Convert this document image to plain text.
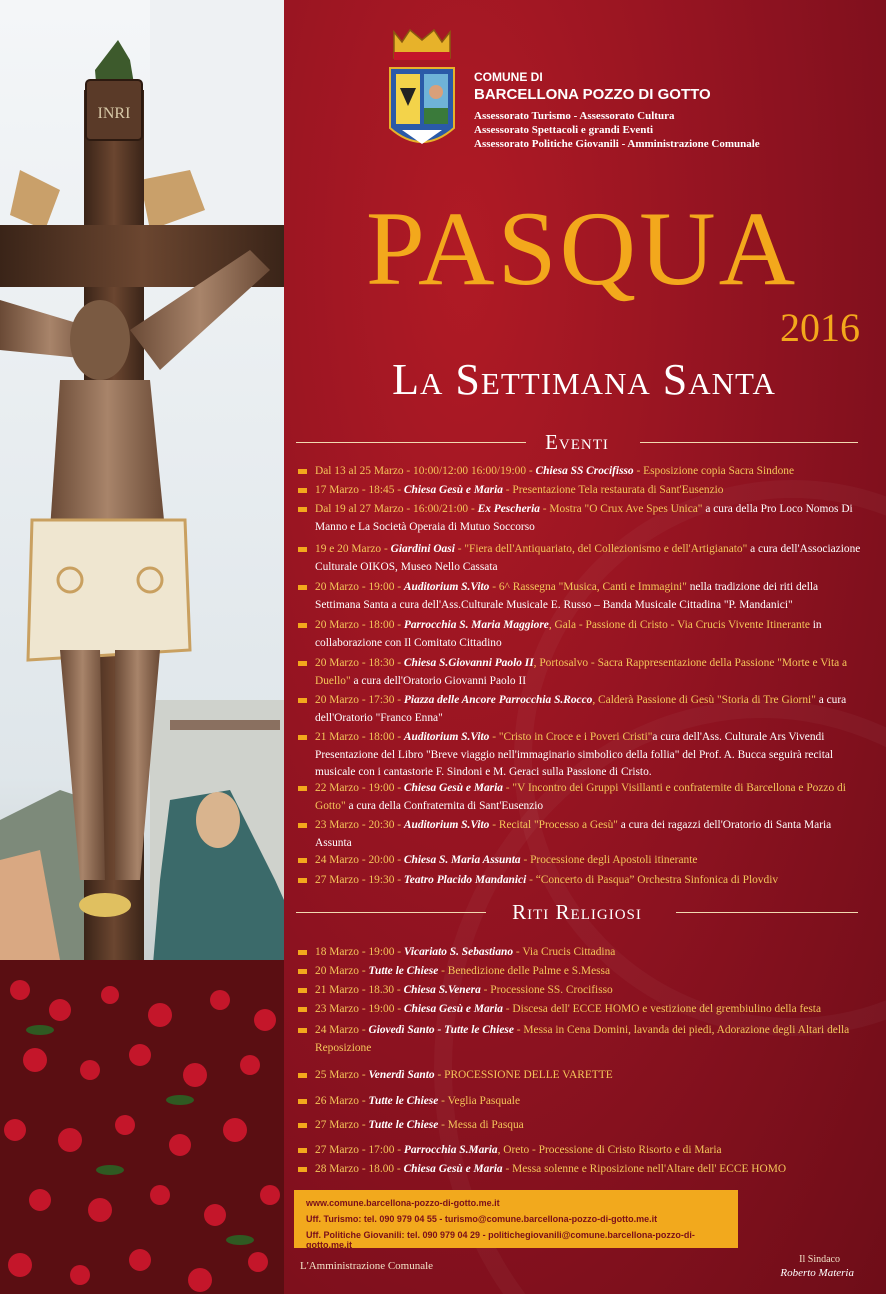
INRI
COMUNE DI
BARCELLONA POZZO DI GOTTO
Assessorato Turismo - Assessorato Cultura
Assessorato Spettacoli e grandi Eventi
Assessorato Politiche Giovanili - Amministrazione Comunale
PASQUA
2016
La Settimana Santa
Eventi
Dal 13 al 25 Marzo - 10:00/12:00 16:00/19:00 - Chiesa SS Crocifisso - Esposizione copia Sacra Sindone
17 Marzo - 18:45 - Chiesa Gesù e Maria - Presentazione Tela restaurata di Sant'Eusenzio
Dal 19 al 27 Marzo - 16:00/21:00 - Ex Pescheria - Mostra "O Crux Ave Spes Unica" a cura della Pro Loco Nomos Di Manno e La Società Operaia di Mutuo Soccorso
19 e 20 Marzo - Giardini Oasi - "Fiera dell'Antiquariato, del Collezionismo e dell'Artigianato" a cura dell'Associazione Culturale OIKOS, Museo Nello Cassata
20 Marzo - 19:00 - Auditorium S.Vito - 6^ Rassegna "Musica, Canti e Immagini" nella tradizione dei riti della Settimana Santa a cura dell'Ass.Culturale Musicale E. Russo – Banda Musicale Cittadina "P. Mandanici"
20 Marzo - 18:00 - Parrocchia S. Maria Maggiore, Gala - Passione di Cristo - Via Crucis Vivente Itinerante in collaborazione con Il Comitato Cittadino
20 Marzo - 18:30 - Chiesa S.Giovanni Paolo II, Portosalvo - Sacra Rappresentazione della Passione "Morte e Vita a Duello" a cura dell'Oratorio Giovanni Paolo II
20 Marzo - 17:30 - Piazza delle Ancore Parrocchia S.Rocco, Calderà Passione di Gesù "Storia di Tre Giorni" a cura dell'Oratorio "Franco Enna"
21 Marzo - 18:00 - Auditorium S.Vito - "Cristo in Croce e i Poveri Cristi"a cura dell'Ass. Culturale Ars Vivendi Presentazione del Libro "Breve viaggio nell'immaginario simbolico della follia" del Prof. A. Bucca seguirà recital musicale con i cantastorie F. Sindoni e M. Geraci sulla Passione di Cristo.
22 Marzo - 19:00 - Chiesa Gesù e Maria - "V Incontro dei Gruppi Visillanti e confraternite di Barcellona e Pozzo di Gotto" a cura della Confraternita di Sant'Eusenzio
23 Marzo - 20:30 - Auditorium S.Vito - Recital "Processo a Gesù" a cura dei ragazzi dell'Oratorio di Santa Maria Assunta
24 Marzo - 20:00 - Chiesa S. Maria Assunta - Processione degli Apostoli itinerante
27 Marzo - 19:30 - Teatro Placido Mandanici - “Concerto di Pasqua” Orchestra Sinfonica di Plovdiv
Riti Religiosi
18 Marzo - 19:00 - Vicariato S. Sebastiano - Via Crucis Cittadina
20 Marzo - Tutte le Chiese - Benedizione delle Palme e S.Messa
21 Marzo - 18.30 - Chiesa S.Venera - Processione SS. Crocifisso
23 Marzo - 19:00 - Chiesa Gesù e Maria - Discesa dell' ECCE HOMO e vestizione del grembiulino della festa
24 Marzo - Giovedì Santo - Tutte le Chiese - Messa in Cena Domini, lavanda dei piedi, Adorazione degli Altari della Reposizione
25 Marzo - Venerdì Santo - PROCESSIONE DELLE VARETTE
26 Marzo - Tutte le Chiese - Veglia Pasquale
27 Marzo - Tutte le Chiese - Messa di Pasqua
27 Marzo - 17:00 - Parrocchia S.Maria, Oreto - Processione di Cristo Risorto e di Maria
28 Marzo - 18.00 - Chiesa Gesù e Maria - Messa solenne e Riposizione nell'Altare dell' ECCE HOMO
www.comune.barcellona-pozzo-di-gotto.me.it
Uff. Turismo: tel. 090 979 04 55 - turismo@comune.barcellona-pozzo-di-gotto.me.it
Uff. Politiche Giovanili: tel. 090 979 04 29 - politichegiovanili@comune.barcellona-pozzo-di-gotto.me.it
L'Amministrazione Comunale
Il Sindaco
Roberto Materia
